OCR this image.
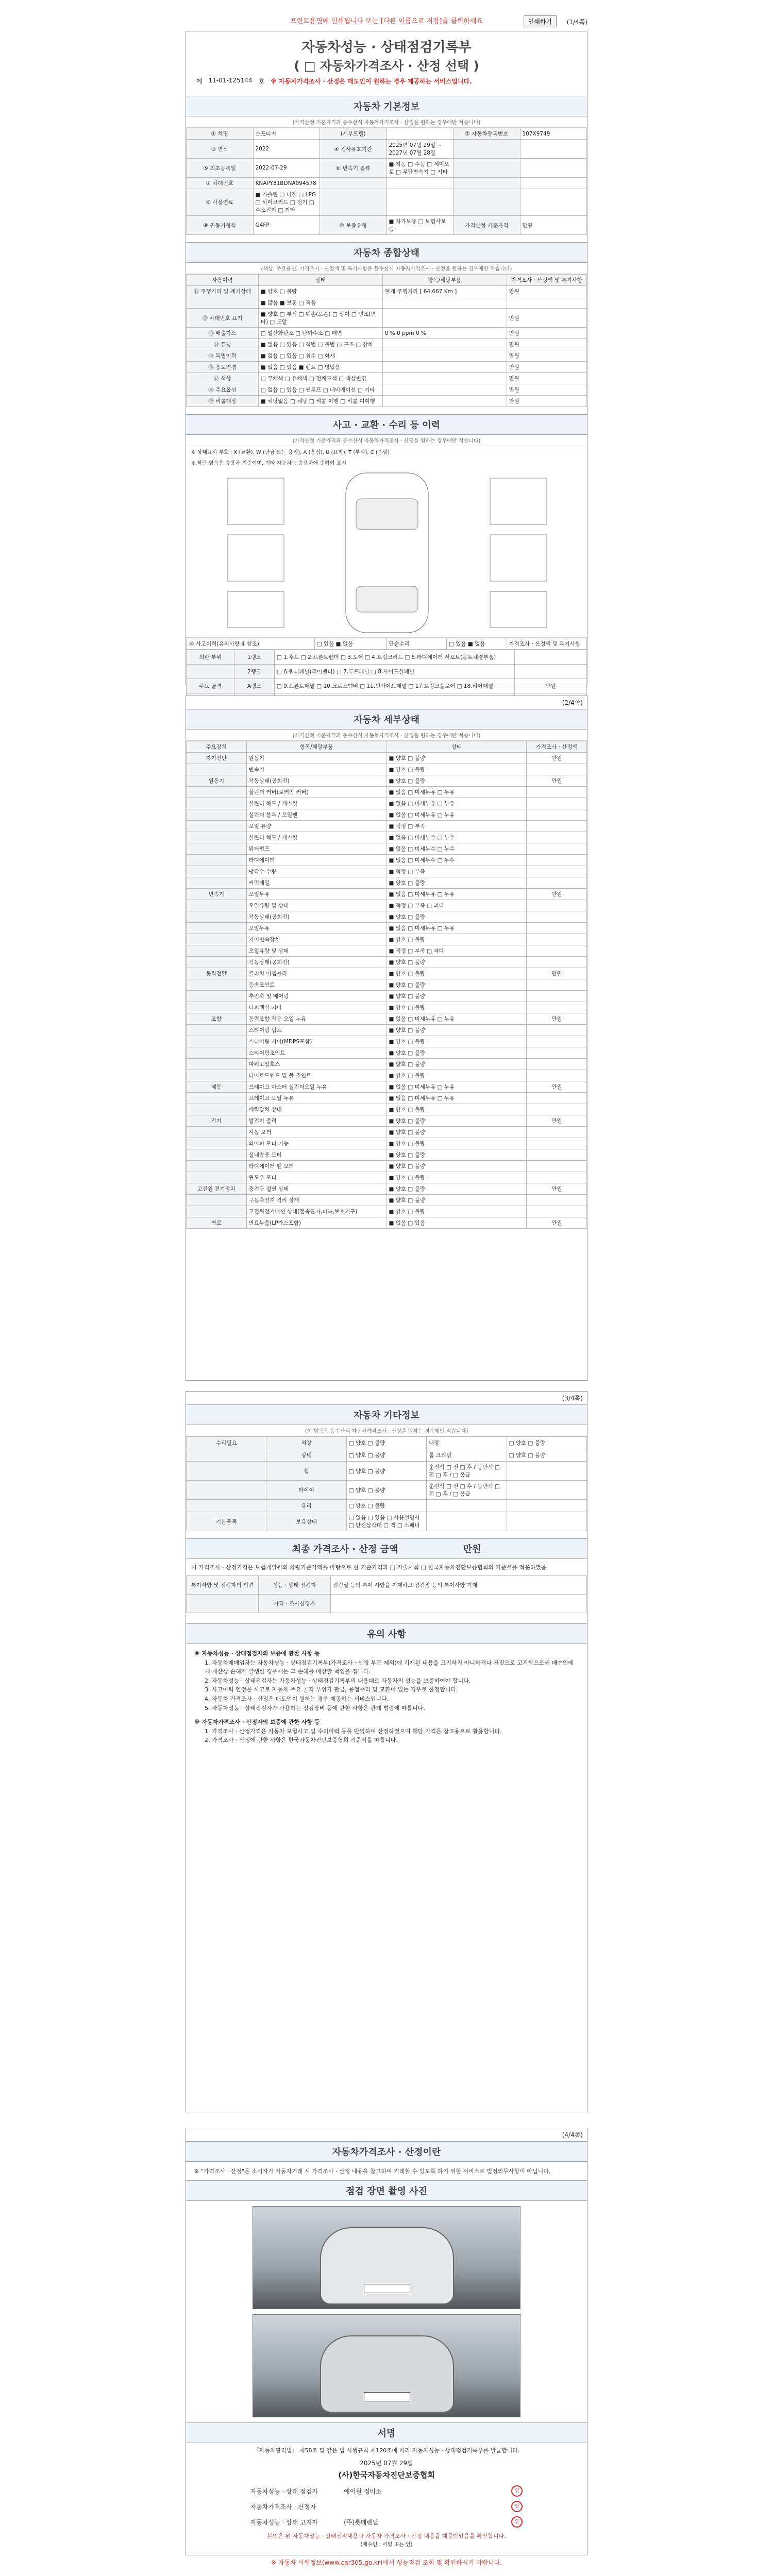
프린트용면에 인쇄됩니다 또는 [다른 이름으로 저장]을 클릭하세요	인쇄하기	(1/4쪽)
자동차성능 · 상태점검기록부
( □ 자동차가격조사 · 산정 선택 )
제 11-01-125144 호 ※ 자동차가격조사 · 산정은 매도인이 원하는 경우 제공하는 서비스입니다.
자동차 기본정보
(가격산정 기준가격과 등수산식 자동차가격조사 · 산정을 원하는 경우에만 적습니다)
① 차명	스포티지	(세부모델)		② 자동차등록번호	107X9749
③ 연식	2022	④ 검사유효기간	2025년 07월 29일 ~ 2027년 07월 28일		
⑤ 최초등록일	2022-07-29	⑥ 변속기 종류	■ 자동 □ 수동 □ 세미오토 □ 무단변속기 □ 기타		
⑦ 차대번호	KNAPY81BDNA094578				
⑧ 사용연료	■ 가솔린 □ 디젤 □ LPG □ 하이브리드 □ 전기 □ 수소전기 □ 기타				
⑨ 원동기형식	G4FP	⑩ 보증유형	■ 자가보증 □ 보험사보증	가격산정 기준가격	만원
자동차 종합상태
(색상, 주요옵션, 가격조사 · 산정액 및 특기사항은 등수산식 자동차가격조사 · 산정을 원하는 경우에만 적습니다)
사용이력	상태	항목/해당부품	가격조사 · 산정액 및 특기사항
⑪ 주행거리 및 계기상태	■ 양호 □ 불량	현재 주행거리 [ 64,667 Km ]	만원
	■ 많음 ■ 보통 □ 적음		
⑫ 차대번호 표기	■ 양호 □ 부식 □ 훼손(오손) □ 상이 □ 변조(변타) □ 도말		만원
⑬ 배출가스	□ 일산화탄소 □ 탄화수소 □ 매연	0 % 0 ppm 0 %	만원
⑭ 튜닝	■ 없음 □ 있음 □ 적법 □ 불법 □ 구조 □ 장치		만원
⑮ 특별이력	■ 없음 □ 있음 □ 침수 □ 화재		만원
⑯ 용도변경	■ 없음 □ 있음 ■ 렌트 □ 영업용		만원
⑰ 색상	□ 무채색 □ 유채색 □ 전체도색 □ 색상변경		만원
⑱ 주요옵션	□ 없음 □ 있음 □ 썬루프 □ 네비게이션 □ 기타		만원
⑲ 리콜대상	■ 해당없음 □ 해당 □ 리콜 이행 □ 리콜 미이행		만원
사고 · 교환 · 수리 등 이력
(가격산정 기준가격과 등수산식 자동차가격조사 · 산정을 원하는 경우에만 적습니다)
※ 상태표시 부호 : X (교환), W (판금 또는 용접), A (흠집), U (요철), T (부식), C (손상)
※ 하단 항목은 승용차 기준이며, 기타 자동차는 승용차에 준하여 표시
⑳ 사고이력(유의사항 4 참조)	□ 있음 ■ 없음	단순수리	□ 있음 ■ 없음	가격조사 · 산정액 및 특기사항
외판 부위	1랭크	□ 1.후드 □ 2.프론트펜더 □ 3.도어 □ 4.트렁크리드 □ 5.라디에이터 서포트(볼트체결부품)	
	2랭크	□ 6.쿼터패널(리어펜더) □ 7.루프패널 □ 8.사이드실패널	
주요 골격	A랭크	□ 9.프론트패널 □ 10.크로스멤버 □ 11.인사이드패널 □ 17.트렁크플로어 □ 18.리어패널	만원

(2/4쪽)
자동차 세부상태
(가격산정 기준가격과 등수산식 자동차가격조사 · 산정을 원하는 경우에만 적습니다)
주요장치	항목/해당부품	상태	가격조사 · 산정액
자기진단	원동기	■ 양호 □ 불량	만원
	변속기	■ 양호 □ 불량	
원동기	작동상태(공회전)	■ 양호 □ 불량	만원
	실린더 커버(로커암 커버)	■ 없음 □ 미세누유 □ 누유	
	실린더 헤드 / 개스킷	■ 없음 □ 미세누유 □ 누유	
	실린더 블록 / 오일팬	■ 없음 □ 미세누유 □ 누유	
	오일 유량	■ 적정 □ 부족	
	실린더 헤드 / 개스킷	■ 없음 □ 미세누수 □ 누수	
	워터펌프	■ 없음 □ 미세누수 □ 누수	
	라디에이터	■ 없음 □ 미세누수 □ 누수	
	냉각수 수량	■ 적정 □ 부족	
	커먼레일	■ 양호 □ 불량	
변속기	오일누유	■ 없음 □ 미세누유 □ 누유	만원
	오일유량 및 상태	■ 적정 □ 부족 □ 과다	
	작동상태(공회전)	■ 양호 □ 불량	
	오일누유	■ 없음 □ 미세누유 □ 누유	
	기어변속장치	■ 양호 □ 불량	
	오일유량 및 상태	■ 적정 □ 부족 □ 과다	
	작동상태(공회전)	■ 양호 □ 불량	
동력전달	클러치 어셈블리	■ 양호 □ 불량	만원
	등속조인트	■ 양호 □ 불량	
	추진축 및 베어링	■ 양호 □ 불량	
	디퍼렌셜 기어	■ 양호 □ 불량	
조향	동력조향 작동 오일 누유	■ 없음 □ 미세누유 □ 누유	만원
	스티어링 펌프	■ 양호 □ 불량	
	스티어링 기어(MDPS포함)	■ 양호 □ 불량	
	스티어링조인트	■ 양호 □ 불량	
	파워고압호스	■ 양호 □ 불량	
	타이로드엔드 및 볼 조인트	■ 양호 □ 불량	
제동	브레이크 마스터 실린더오일 누유	■ 없음 □ 미세누유 □ 누유	만원
	브레이크 오일 누유	■ 없음 □ 미세누유 □ 누유	
	배력장치 상태	■ 양호 □ 불량	
전기	발전기 출력	■ 양호 □ 불량	만원
	시동 모터	■ 양호 □ 불량	
	와이퍼 모터 기능	■ 양호 □ 불량	
	실내송풍 모터	■ 양호 □ 불량	
	라디에이터 팬 모터	■ 양호 □ 불량	
	윈도우 모터	■ 양호 □ 불량	
고전원 전기장치	충전구 절연 상태	■ 양호 □ 불량	만원
	구동축전지 격리 상태	■ 양호 □ 불량	
	고전원전기배선 상태(접속단자,피복,보호기구)	■ 양호 □ 불량	
연료	연료누출(LP가스포함)	■ 없음 □ 있음	만원
(3/4쪽)
자동차 기타정보
(이 항목은 등수산식 자동차가격조사 · 산정을 원하는 경우에만 적습니다)
수리필요	외장	□ 양호 □ 불량	내장	□ 양호 □ 불량
	광택	□ 양호 □ 불량	룸 크리닝	□ 양호 □ 불량
	휠	□ 양호 □ 불량	운전석 □ 전 □ 후 / 동반석 □ 전 □ 후 / □ 응급	
	타이어	□ 양호 □ 불량	운전석 □ 전 □ 후 / 동반석 □ 전 □ 후 / □ 응급	
	유리	□ 양호 □ 불량		
기본품목	보유상태	□ 없음 □ 있음 □ 사용설명서 □ 안전삼각대 □ 잭 □ 스패너		
최종 가격조사 · 산정 금액	만원
이 가격조사 · 산정가격은 보험개발원의 차량기준가액을 바탕으로 한 기준가격과 □ 기술사회 □ 한국자동차진단보증협회의 기준서를 적용하였음
특기사항 및 점검자의 의견	성능 · 상태 점검자	점검일 등의 특이 사항을 기재하고 점검장 등의 특이사항 기재
	가격 · 조사산정자	
유의 사항
※ 자동차성능 · 상태점검자의 보증에 관한 사항 등
1. 자동차매매업자는 자동차성능 · 상태점검기록부(가격조사 · 산정 부분 제외)에 기재된 내용을 고지하지 아니하거나 거짓으로 고지함으로써 매수인에게 재산상 손해가 발생한 경우에는 그 손해를 배상할 책임을 집니다.
2. 자동차성능 · 상태점검자는 자동차성능 · 상태점검기록부의 내용대로 자동차의 성능을 보증하여야 합니다.
3. 사고이력 인정은 사고로 자동차 주요 골격 부위가 판금, 용접수리 및 교환이 있는 경우로 한정합니다.
4. 자동차 가격조사 · 산정은 매도인이 원하는 경우 제공하는 서비스입니다.
5. 자동차성능 · 상태점검자가 사용하는 점검장비 등에 관한 사항은 관계 법령에 따릅니다.
※ 자동차가격조사 · 산정자의 보증에 관한 사항 등
1. 가격조사 · 산정가격은 자동차 보험사고 및 수리이력 등을 반영하여 산정하였으며 해당 가격은 참고용으로 활용합니다.
2. 가격조사 · 산정에 관한 사항은 한국자동차진단보증협회 기준서를 따릅니다.
(4/4쪽)
자동차가격조사 · 산정이란
※ "가격조사 · 산정"은 소비자가 자동차거래 시 가격조사 · 산정 내용을 참고하여 거래할 수 있도록 하기 위한 서비스로 법정의무사항이 아닙니다.
점검 장면 촬영 사진
서명
「자동차관리법」 제58조 및 같은 법 시행규칙 제120조에 따라 자동차성능 · 상태점검기록부를 발급합니다.
2025년 07월 29일
(사)한국자동차진단보증협회
자동차성능 · 상태 점검자	에이원 정비소	인
자동차가격조사 · 산정자		인
자동차성능 · 상태 고지자	(주)롯데렌탈	인
본인은 위 자동차성능 · 상태점검내용과 자동차 가격조사 · 산정 내용을 제공받았음을 확인합니다.
(매수인 : 서명 또는 인)
※ 자동차 이력정보(www.car365.go.kr)에서 성능점검 조회 및 확인하시기 바랍니다.
